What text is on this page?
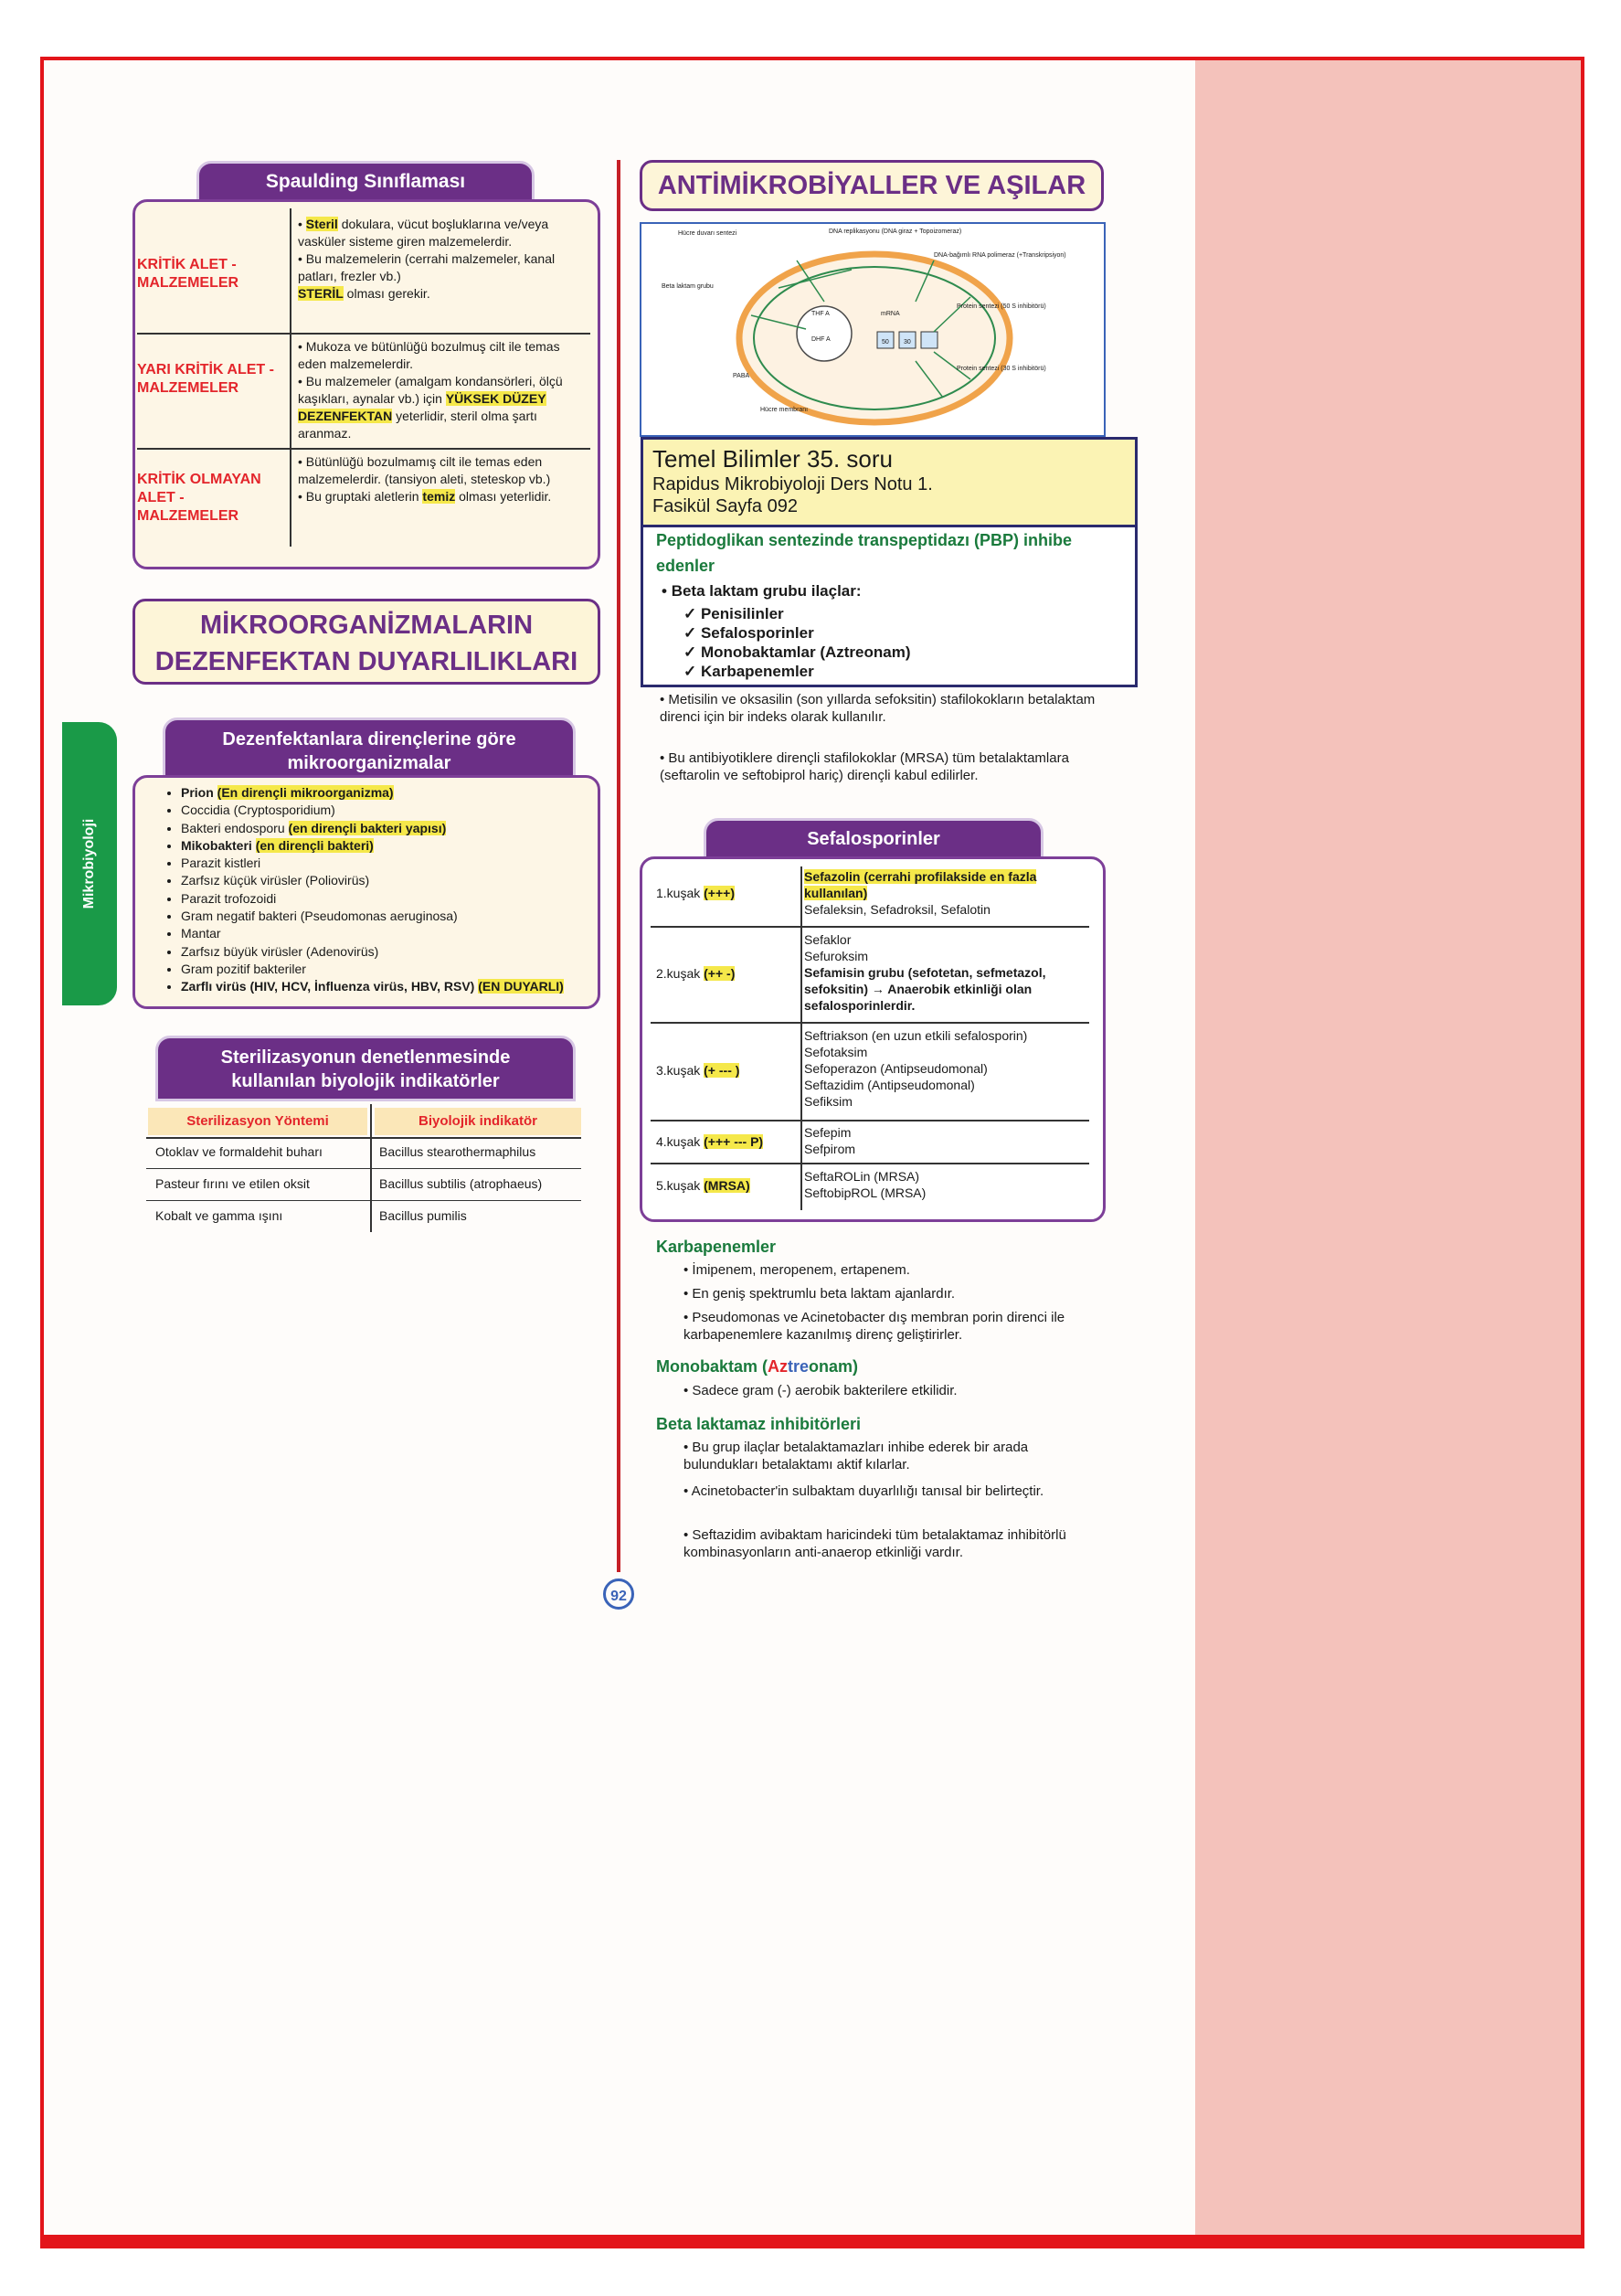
Mikrobiyoloji
Spaulding Sınıflaması
KRİTİK ALET - MALZEMELER
• Steril dokulara, vücut boşluklarına ve/veya vasküler sisteme giren malzemelerdir.
• Bu malzemelerin (cerrahi malzemeler, kanal patları, frezler vb.)
STERİL olması gerekir.
YARI KRİTİK ALET - MALZEMELER
• Mukoza ve bütünlüğü bozulmuş cilt ile temas eden malzemelerdir.
• Bu malzemeler (amalgam kondansörleri, ölçü kaşıkları, aynalar vb.) için YÜKSEK DÜZEY DEZENFEKTAN yeterlidir, steril olma şartı aranmaz.
KRİTİK OLMAYAN ALET - MALZEMELER
• Bütünlüğü bozulmamış cilt ile temas eden malzemelerdir. (tansiyon aleti, steteskop vb.)
• Bu gruptaki aletlerin temiz olması yeterlidir.
MİKROORGANİZMALARIN
DEZENFEKTAN DUYARLILIKLARI
Dezenfektanlara dirençlerine göre
mikroorganizmalar
• Prion (En dirençli mikroorganizma)
• Coccidia (Cryptosporidium)
• Bakteri endosporu (en dirençli bakteri yapısı)
• Mikobakteri (en dirençli bakteri)
• Parazit kistleri
• Zarfsız küçük virüsler (Poliovirüs)
• Parazit trofozoidi
• Gram negatif bakteri (Pseudomonas aeruginosa)
• Mantar
• Zarfsız büyük virüsler (Adenovirüs)
• Gram pozitif bakteriler
• Zarflı virüs (HIV, HCV, İnfluenza virüs, HBV, RSV) (EN DUYARLI)
Sterilizasyonun denetlenmesinde
kullanılan biyolojik indikatörler
Sterilizasyon Yöntemi	Biyolojik indikatör
Otoklav ve formaldehit buharı	Bacillus stearothermaphilus
Pasteur fırını ve etilen oksit	Bacillus subtilis (atrophaeus)
Kobalt ve gamma ışını	Bacillus pumilis
ANTİMİKROBİYALLER VE AŞILAR
Hücre duvarı sentezi	DNA replikasyonu (DNA giraz + Topoizomeraz)
DNA-bağımlı RNA polimeraz (+Transkripsiyon)
Beta laktam grubu
THF A
DHF A
mRNA
PABA
Hücre membranı
Protein sentezi (50 S inhibitörü)
Protein sentezi (30 S inhibitörü)
50 30
Temel Bilimler 35. soru
Rapidus Mikrobiyoloji Ders Notu 1.
Fasikül Sayfa 092
Peptidoglikan sentezinde transpeptidazı (PBP) inhibe edenler
• Beta laktam grubu ilaçlar:
✓ Penisilinler
✓ Sefalosporinler
✓ Monobaktamlar (Aztreonam)
✓ Karbapenemler
• Metisilin ve oksasilin (son yıllarda sefoksitin) stafilokokların betalaktam direnci için bir indeks olarak kullanılır.
• Bu antibiyotiklere dirençli stafilokoklar (MRSA) tüm betalaktamlara (seftarolin ve seftobiprol hariç) dirençli kabul edilirler.
Sefalosporinler
1.kuşak (+++)
Sefazolin (cerrahi profilakside en fazla kullanılan)
Sefaleksin, Sefadroksil, Sefalotin
2.kuşak (++ -)
Sefaklor
Sefuroksim
Sefamisin grubu (sefotetan, sefmetazol, sefoksitin) → Anaerobik etkinliği olan sefalosporinlerdir.
3.kuşak (+ --- )
Seftriakson (en uzun etkili sefalosporin)
Sefotaksim
Sefoperazon (Antipseudomonal)
Seftazidim (Antipseudomonal)
Sefiksim
4.kuşak (+++ --- P)
Sefepim
Sefpirom
5.kuşak (MRSA)
SeftaROLin (MRSA)
SeftobipROL (MRSA)
Karbapenemler
• İmipenem, meropenem, ertapenem.
• En geniş spektrumlu beta laktam ajanlardır.
• Pseudomonas ve Acinetobacter dış membran porin direnci ile karbapenemlere kazanılmış direnç geliştirirler.
Monobaktam (Aztreonam)
• Sadece gram (-) aerobik bakterilere etkilidir.
Beta laktamaz inhibitörleri
• Bu grup ilaçlar betalaktamazları inhibe ederek bir arada bulundukları betalaktamı aktif kılarlar.
• Acinetobacter'in sulbaktam duyarlılığı tanısal bir belirteçtir.
• Seftazidim avibaktam haricindeki tüm betalaktamaz inhibitörlü kombinasyonların anti-anaerop etkinliği vardır.
92
